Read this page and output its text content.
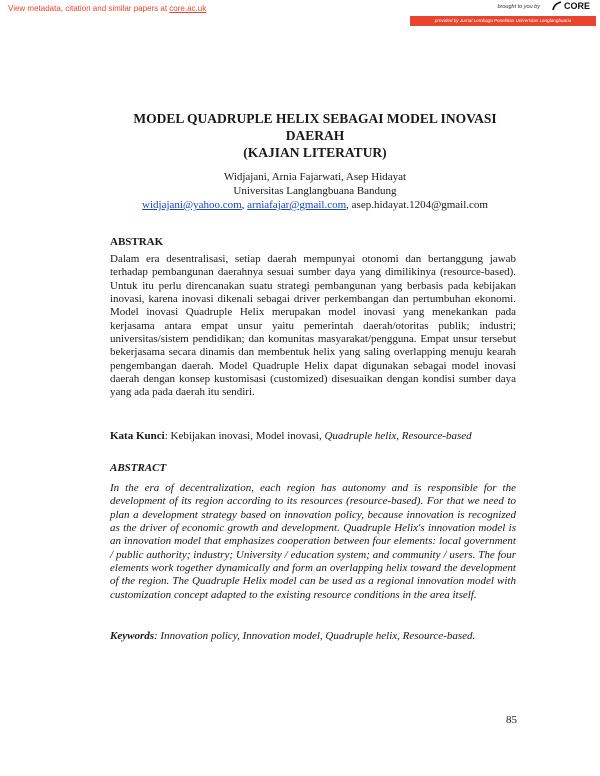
View metadata, citation and similar papers at core.ac.uk	brought to you by	CORE
provided by Jurnal Lembaga Penelitian Universitas Langlangbuana
MODEL QUADRUPLE HELIX SEBAGAI MODEL INOVASI
DAERAH
(KAJIAN LITERATUR)
Widjajani, Arnia Fajarwati, Asep Hidayat
Universitas Langlangbuana Bandung
widjajani@yahoo.com, arniafajar@gmail.com, asep.hidayat.1204@gmail.com
ABSTRAK
Dalam era desentralisasi, setiap daerah mempunyai otonomi dan bertanggung jawab terhadap pembangunan daerahnya sesuai sumber daya yang dimilikinya (resource-based). Untuk itu perlu direncanakan suatu strategi pembangunan yang berbasis pada kebijakan inovasi, karena inovasi dikenali sebagai driver perkembangan dan pertumbuhan ekonomi. Model inovasi Quadruple Helix merupakan model inovasi yang menekankan pada kerjasama antara empat unsur yaitu pemerintah daerah/otoritas publik; industri; universitas/sistem pendidikan; dan komunitas masyarakat/pengguna. Empat unsur tersebut bekerjasama secara dinamis dan membentuk helix yang saling overlapping menuju kearah pengembangan daerah. Model Quadruple Helix dapat digunakan sebagai model inovasi daerah dengan konsep kustomisasi (customized) disesuaikan dengan kondisi sumber daya yang ada pada daerah itu sendiri.
Kata Kunci: Kebijakan inovasi, Model inovasi, Quadruple helix, Resource-based
ABSTRACT
In the era of decentralization, each region has autonomy and is responsible for the development of its region according to its resources (resource-based). For that we need to plan a development strategy based on innovation policy, because innovation is recognized as the driver of economic growth and development. Quadruple Helix's innovation model is an innovation model that emphasizes cooperation between four elements: local government / public authority; industry; University / education system; and community / users. The four elements work together dynamically and form an overlapping helix toward the development of the region. The Quadruple Helix model can be used as a regional innovation model with customization concept adapted to the existing resource conditions in the area itself.
Keywords: Innovation policy, Innovation model, Quadruple helix, Resource-based.
85
